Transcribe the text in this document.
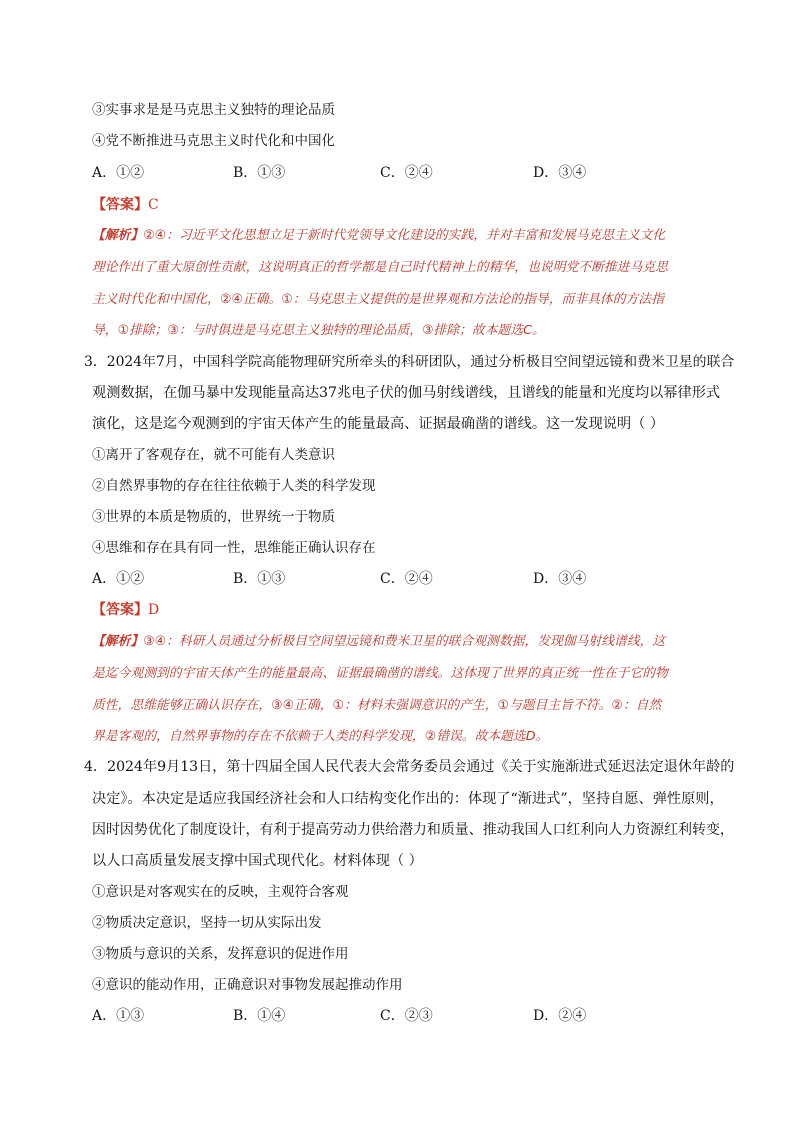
③实事求是是马克思主义独特的理论品质
④党不断推进马克思主义时代化和中国化
A．①②	B．①③	C．②④	D．③④
【答案】C
【解析】②④：习近平文化思想立足于新时代党领导文化建设的实践，并对丰富和发展马克思主义文化
理论作出了重大原创性贡献，这说明真正的哲学都是自己时代精神上的精华，也说明党不断推进马克思
主义时代化和中国化，②④正确。①：马克思主义提供的是世界观和方法论的指导，而非具体的方法指
导，①排除；③：与时俱进是马克思主义独特的理论品质，③排除；故本题选C。
3．2024年7月，中国科学院高能物理研究所牵头的科研团队，通过分析极目空间望远镜和费米卫星的联合
观测数据，在伽马暴中发现能量高达37兆电子伏的伽马射线谱线，且谱线的能量和光度均以幂律形式
演化，这是迄今观测到的宇宙天体产生的能量最高、证据最确凿的谱线。这一发现说明（ ）
①离开了客观存在，就不可能有人类意识
②自然界事物的存在往往依赖于人类的科学发现
③世界的本质是物质的，世界统一于物质
④思维和存在具有同一性，思维能正确认识存在
A．①②	B．①③	C．②④	D．③④
【答案】D
【解析】③④：科研人员通过分析极目空间望远镜和费米卫星的联合观测数据，发现伽马射线谱线，这
是迄今观测到的宇宙天体产生的能量最高、证据最确凿的谱线。这体现了世界的真正统一性在于它的物
质性，思维能够正确认识存在，③④正确，①：材料未强调意识的产生，①与题目主旨不符。②：自然
界是客观的，自然界事物的存在不依赖于人类的科学发现，②错误。故本题选D。
4．2024年9月13日，第十四届全国人民代表大会常务委员会通过《关于实施渐进式延迟法定退休年龄的
决定》。本决定是适应我国经济社会和人口结构变化作出的：体现了“渐进式”，坚持自愿、弹性原则，
因时因势优化了制度设计，有利于提高劳动力供给潜力和质量、推动我国人口红利向人力资源红利转变，
以人口高质量发展支撑中国式现代化。材料体现（ ）
①意识是对客观实在的反映，主观符合客观
②物质决定意识，坚持一切从实际出发
③物质与意识的关系，发挥意识的促进作用
④意识的能动作用，正确意识对事物发展起推动作用
A．①③	B．①④	C．②③	D．②④
